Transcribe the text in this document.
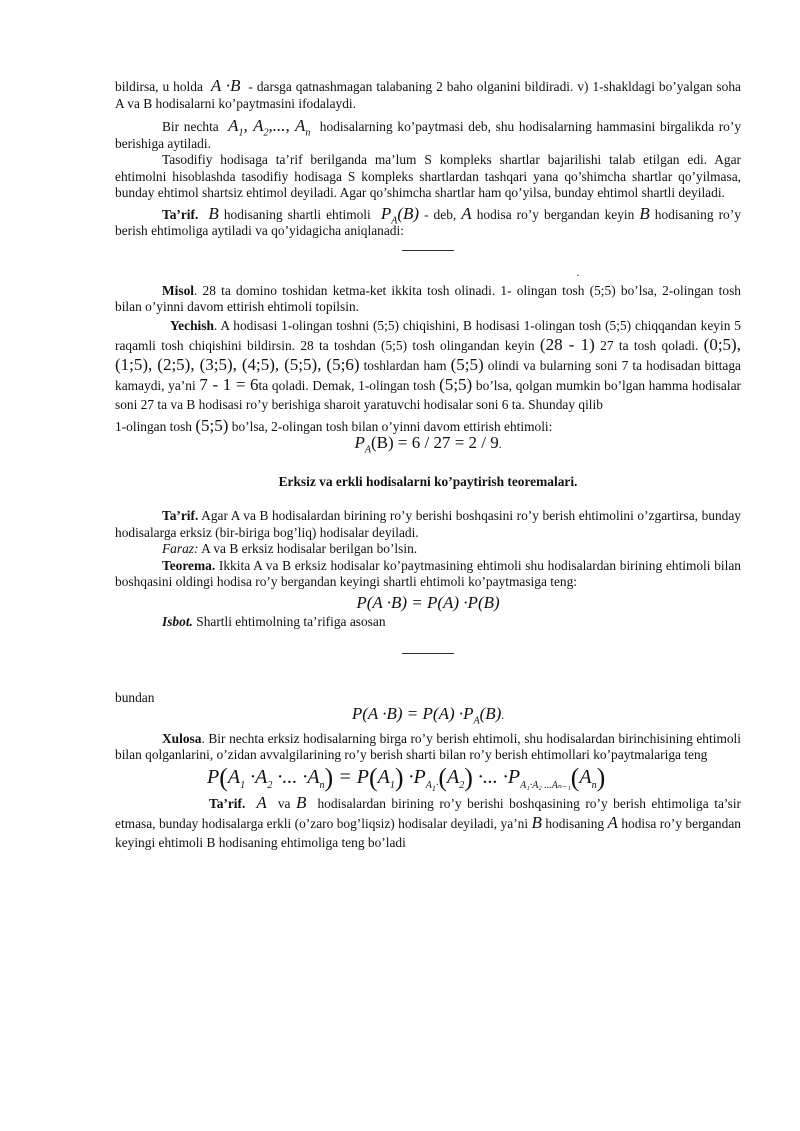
bildirsa, u holda A ·B - darsga qatnashmagan talabaning 2 baho olganini bildiradi. v) 1-shakldagi bo’yalgan soha A va B hodisalarni ko’paytmasini ifodalaydi.

Bir nechta $A_1$, $A_2$,..., $A_n$ hodisalarning ko’paytmasi deb, shu hodisalarning hammasini birgalikda ro’y berishiga aytiladi.

Tasodifiy hodisaga ta’rif berilganda ma’lum S kompleks shartlar bajarilishi talab etilgan edi. Agar ehtimolni hisoblashda tasodifiy hodisaga S kompleks shartlardan tashqari yana qo’shimcha shartlar qo’yilmasa, bunday ehtimol shartsiz ehtimol deyiladi. Agar qo’shimcha shartlar ham qo’yilsa, bunday ehtimol shartli deyiladi.

Ta’rif. B hodisaning shartli ehtimoli $P_A(B)$ - deb, A hodisa ro’y bergandan keyin B hodisaning ro’y berish ehtimoliga aytiladi va qo’yidagicha aniqlanadi:

.

Misol. 28 ta domino toshidan ketma-ket ikkita tosh olinadi. 1- olingan tosh (5;5) bo’lsa, 2-olingan tosh bilan o’yinni davom ettirish ehtimoli topilsin.

Yechish. A hodisasi 1-olingan toshni (5;5) chiqishini, B hodisasi 1-olingan tosh (5;5) chiqqandan keyin 5 raqamli tosh chiqishini bildirsin. 28 ta toshdan (5;5) tosh olingandan keyin (28 - 1) 27 ta tosh qoladi. (0;5), (1;5), (2;5), (3;5), (4;5), (5;5), (5;6) toshlardan ham (5;5) olindi va bularning soni 7 ta hodisadan bittaga kamaydi, ya’ni 7 - 1 = 6ta qoladi. Demak, 1-olingan tosh (5;5) bo’lsa, qolgan mumkin bo’lgan hamma hodisalar soni 27 ta va B hodisasi ro’y berishiga sharoit yaratuvchi hodisalar soni 6 ta. Shunday qilib

1-olingan tosh (5;5) bo’lsa, 2-olingan tosh bilan o’yinni davom ettirish ehtimoli:

$P_A(B) = 6 / 27 = 2 / 9$.
Erksiz va erkli hodisalarni ko’paytirish teoremalari.

Ta’rif. Agar A va B hodisalardan birining ro’y berishi boshqasini ro’y berish ehtimolini o’zgartirsa, bunday hodisalarga erksiz (bir-biriga bog’liq) hodisalar deyiladi.

Faraz: A va B erksiz hodisalar berilgan bo’lsin.

Teorema. Ikkita A va B erksiz hodisalar ko’paytmasining ehtimoli shu hodisalardan birining ehtimoli bilan boshqasini oldingi hodisa ro’y bergandan keyingi shartli ehtimoli ko’paytmasiga teng:

P(A ·B) = P(A) ·P(B)

Isbot. Shartli ehtimolning ta’rifiga asosan

bundan

$P(A \cdot B) = P(A) \cdot P_A(B)$.

Xulosa. Bir nechta erksiz hodisalarning birga ro’y berish ehtimoli, shu hodisalardan birinchisining ehtimoli bilan qolganlarini, o’zidan avvalgilarining ro’y berish sharti bilan ro’y berish ehtimollari ko’paytmalariga teng

$P(A_1 \cdot A_2$ ·... $\cdot A_n) = P(A_1) \cdot P_{A_1\cdot}(A_2)$ ·... $\cdot P_{A_1\cdot A_2 ...A_{n-1}}(A_n)$

Ta’rif. A va B hodisalardan birining ro’y berishi boshqasining ro’y berish ehtimoliga ta’sir etmasa, bunday hodisalarga erkli (o’zaro bog’liqsiz) hodisalar deyiladi, ya’ni B hodisaning A hodisa ro’y bergandan keyingi ehtimoli B hodisaning ehtimoliga teng bo’ladi
